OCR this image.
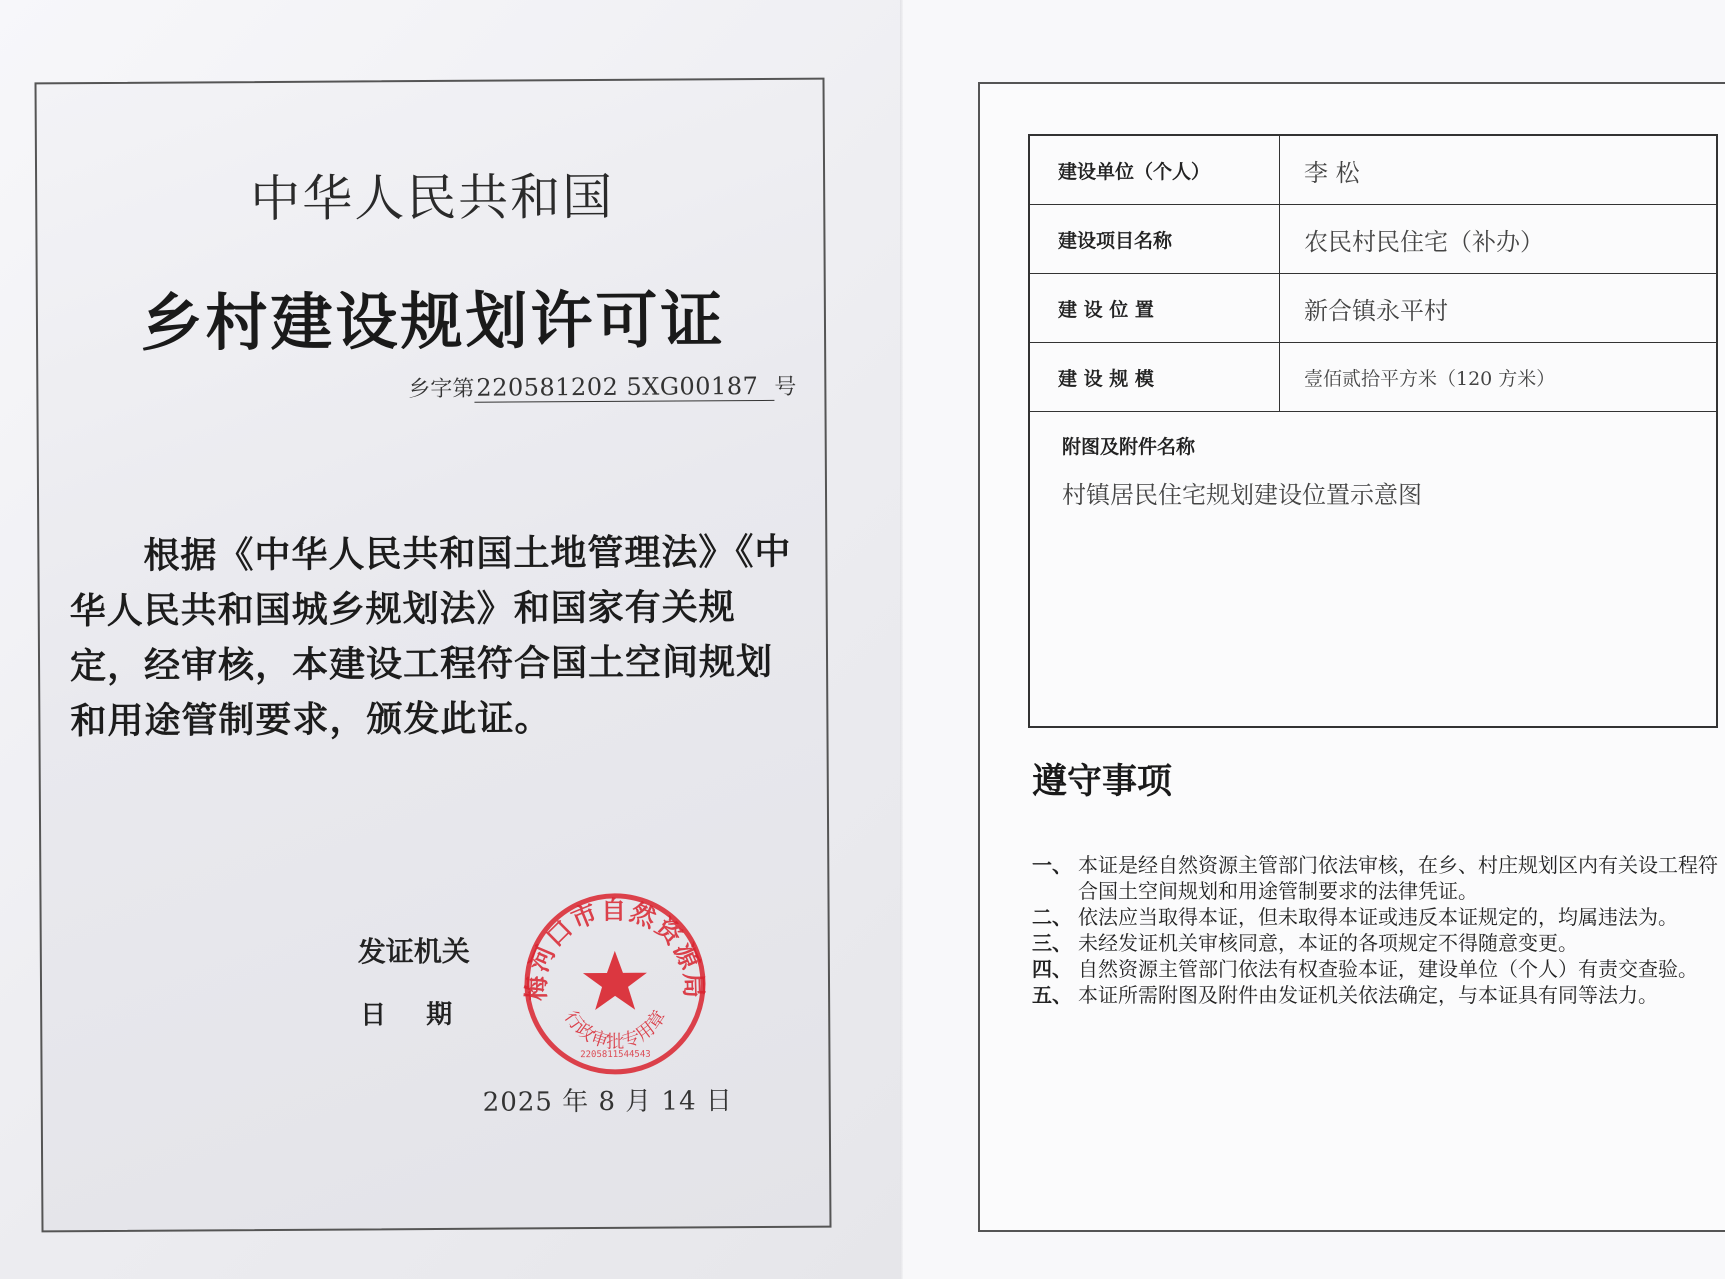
中华人民共和国
乡村建设规划许可证
乡字第220581202 5XG00187 号
根据《中华人民共和国土地管理法》《中华人民共和国城乡规划法》和国家有关规定，经审核，本建设工程符合国土空间规划和用途管制要求，颁发此证。
发证机关
日期
2025 年 8 月 14 日
梅河口市自然资源局
行政审批专用章
2205811544543
建设单位（个人）	李 松
建设项目名称	农民村民住宅（补办）
建 设 位 置	新合镇永平村
建 设 规 模	壹佰贰拾平方米（120 方米）

附图及附件名称
村镇居民住宅规划建设位置示意图	
遵守事项
一、 本证是经自然资源主管部门依法审核，在乡、村庄规划区内有关设工程符合国土空间规划和用途管制要求的法律凭证。
二、 依法应当取得本证，但未取得本证或违反本证规定的，均属违法为。
三、 未经发证机关审核同意，本证的各项规定不得随意变更。
四、 自然资源主管部门依法有权查验本证，建设单位（个人）有责交查验。
五、 本证所需附图及附件由发证机关依法确定，与本证具有同等法力。
